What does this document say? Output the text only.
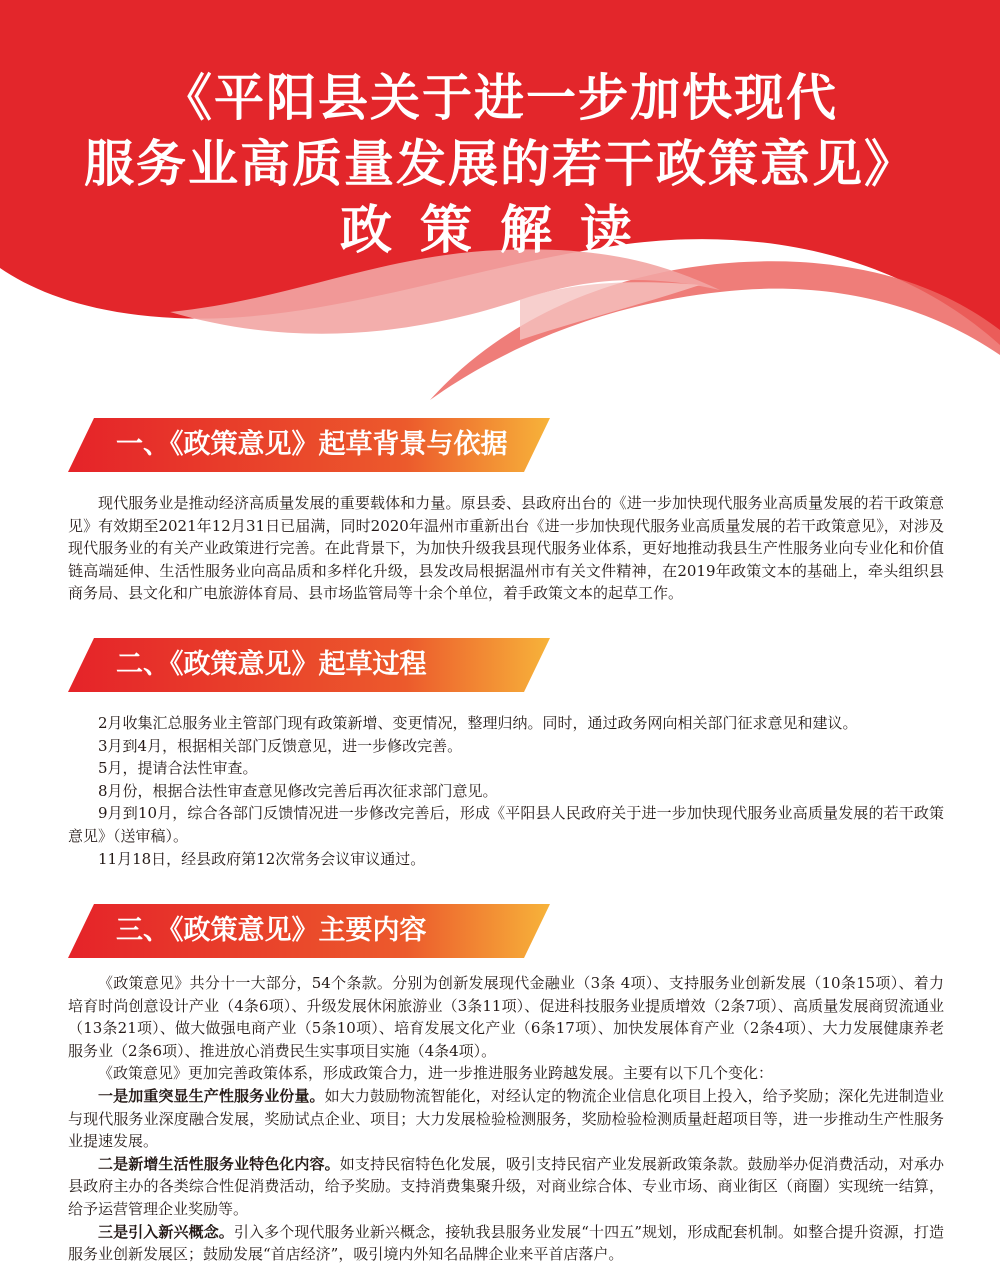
《平阳县关于进一步加快现代
服务业高质量发展的若干政策意见》
政策解读
一、《政策意见》起草背景与依据

现代服务业是推动经济高质量发展的重要载体和力量。原县委、县政府出台的《进一步加快现代服务业高质量发展的若干政策意见》有效期至2021年12月31日已届满，同时2020年温州市重新出台《进一步加快现代服务业高质量发展的若干政策意见》，对涉及现代服务业的有关产业政策进行完善。在此背景下，为加快升级我县现代服务业体系，更好地推动我县生产性服务业向专业化和价值链高端延伸、生活性服务业向高品质和多样化升级，县发改局根据温州市有关文件精神，在2019年政策文本的基础上，牵头组织县商务局、县文化和广电旅游体育局、县市场监管局等十余个单位，着手政策文本的起草工作。

二、《政策意见》起草过程

2月收集汇总服务业主管部门现有政策新增、变更情况，整理归纳。同时，通过政务网向相关部门征求意见和建议。

3月到4月，根据相关部门反馈意见，进一步修改完善。

5月，提请合法性审查。

8月份，根据合法性审查意见修改完善后再次征求部门意见。

9月到10月，综合各部门反馈情况进一步修改完善后，形成《平阳县人民政府关于进一步加快现代服务业高质量发展的若干政策意见》（送审稿）。

11月18日，经县政府第12次常务会议审议通过。

三、《政策意见》主要内容

《政策意见》共分十一大部分，54个条款。分别为创新发展现代金融业（3条 4项）、支持服务业创新发展（10条15项）、着力培育时尚创意设计产业（4条6项）、升级发展休闲旅游业（3条11项）、促进科技服务业提质增效（2条7项）、高质量发展商贸流通业（13条21项）、做大做强电商产业（5条10项）、培育发展文化产业（6条17项）、加快发展体育产业（2条4项）、大力发展健康养老服务业（2条6项）、推进放心消费民生实事项目实施（4条4项）。

《政策意见》更加完善政策体系，形成政策合力，进一步推进服务业跨越发展。主要有以下几个变化：

一是加重突显生产性服务业份量。如大力鼓励物流智能化，对经认定的物流企业信息化项目上投入，给予奖励；深化先进制造业与现代服务业深度融合发展，奖励试点企业、项目；大力发展检验检测服务，奖励检验检测质量赶超项目等，进一步推动生产性服务业提速发展。

二是新增生活性服务业特色化内容。如支持民宿特色化发展，吸引支持民宿产业发展新政策条款。鼓励举办促消费活动，对承办县政府主办的各类综合性促消费活动，给予奖励。支持消费集聚升级，对商业综合体、专业市场、商业街区（商圈）实现统一结算，给予运营管理企业奖励等。

三是引入新兴概念。引入多个现代服务业新兴概念，接轨我县服务业发展“十四五”规划，形成配套机制。如整合提升资源，打造服务业创新发展区；鼓励发展“首店经济”，吸引境内外知名品牌企业来平首店落户。
